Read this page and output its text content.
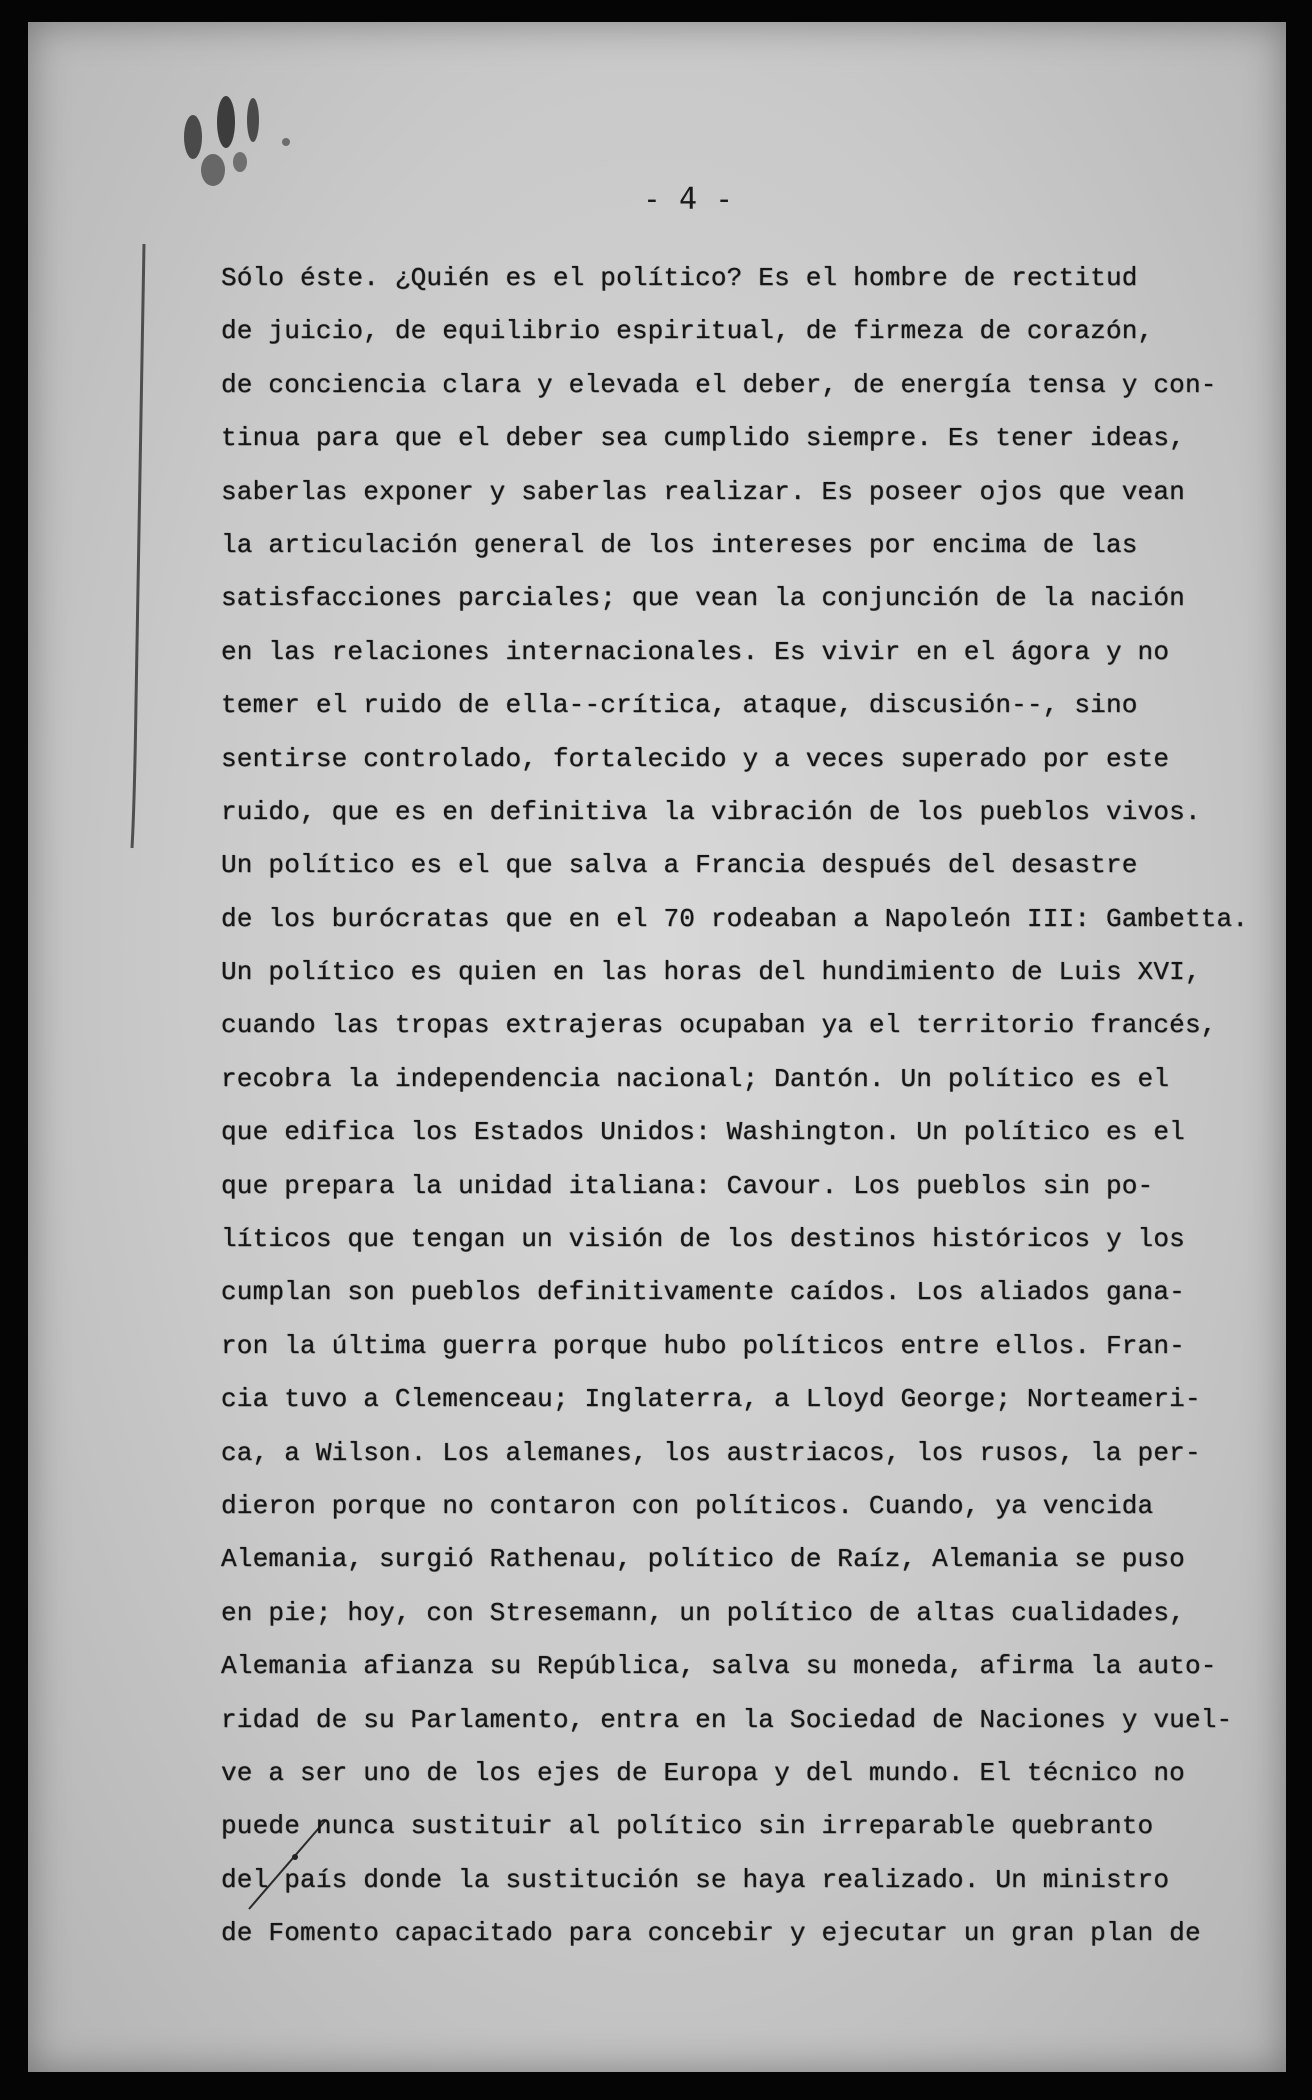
- 4 -
Sólo éste. ¿Quién es el político? Es el hombre de rectitud
de juicio, de equilibrio espiritual, de firmeza de corazón,
de conciencia clara y elevada el deber, de energía tensa y con-
tinua para que el deber sea cumplido siempre. Es tener ideas,
saberlas exponer y saberlas realizar. Es poseer ojos que vean
la articulación general de los intereses por encima de las
satisfacciones parciales; que vean la conjunción de la nación
en las relaciones internacionales. Es vivir en el ágora y no
temer el ruido de ella--crítica, ataque, discusión--, sino
sentirse controlado, fortalecido y a veces superado por este
ruido, que es en definitiva la vibración de los pueblos vivos.
Un político es el que salva a Francia después del desastre
de los burócratas que en el 70 rodeaban a Napoleón III: Gambetta.
Un político es quien en las horas del hundimiento de Luis XVI,
cuando las tropas extrajeras ocupaban ya el territorio francés,
recobra la independencia nacional; Dantón. Un político es el
que edifica los Estados Unidos: Washington. Un político es el
que prepara la unidad italiana: Cavour. Los pueblos sin po-
líticos que tengan un visión de los destinos históricos y los
cumplan son pueblos definitivamente caídos. Los aliados gana-
ron la última guerra porque hubo políticos entre ellos. Fran-
cia tuvo a Clemenceau; Inglaterra, a Lloyd George; Norteameri-
ca, a Wilson. Los alemanes, los austriacos, los rusos, la per-
dieron porque no contaron con políticos. Cuando, ya vencida
Alemania, surgió Rathenau, político de Raíz, Alemania se puso
en pie; hoy, con Stresemann, un político de altas cualidades,
Alemania afianza su República, salva su moneda, afirma la auto-
ridad de su Parlamento, entra en la Sociedad de Naciones y vuel-
ve a ser uno de los ejes de Europa y del mundo. El técnico no
puede nunca sustituir al político sin irreparable quebranto
del país donde la sustitución se haya realizado. Un ministro
de Fomento capacitado para concebir y ejecutar un gran plan de
